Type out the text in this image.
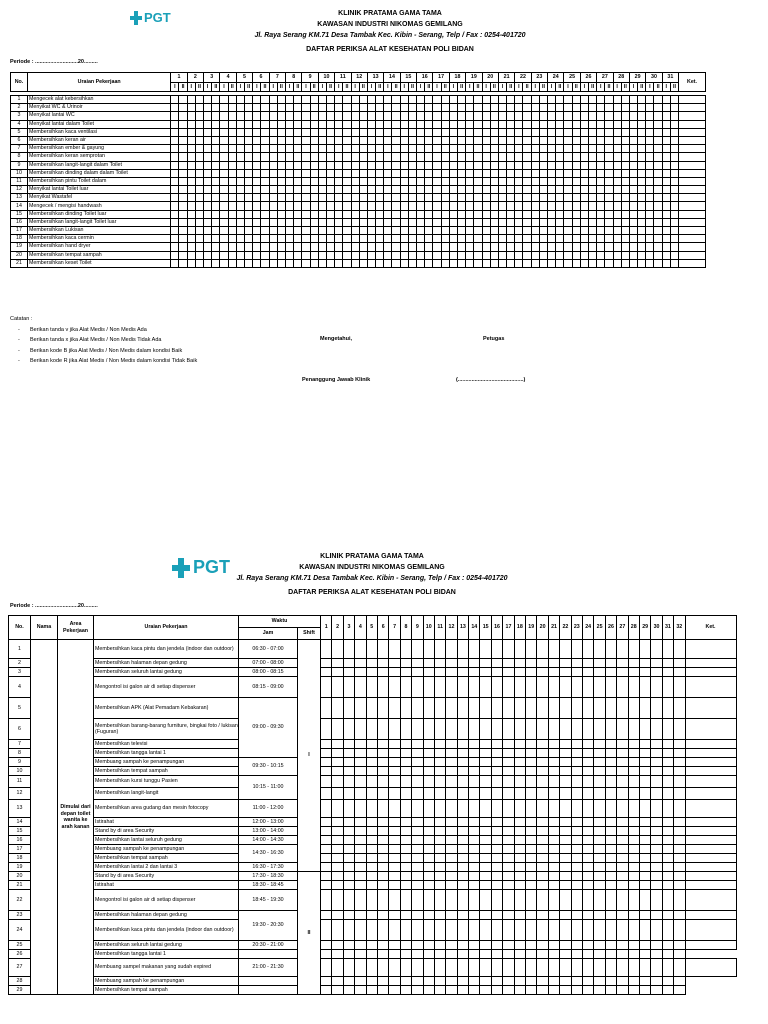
PGT	KLINIK PRATAMA GAMA TAMA
KAWASAN INDUSTRI NIKOMAS GEMILANG
Jl. Raya Serang KM.71 Desa Tambak Kec. Kibin - Serang, Telp / Fax : 0254-401720
DAFTAR PERIKSA ALAT KESEHATAN POLI BIDAN
Periode : ............................20.........
No.	Uraian Pekerjaan	1	2	3	4	5	6	7	8	9	10	11	12	13	14	15	16	17	18	19	20	21	22	23	24	25	26	27	28	29	30	31	Ket.
I	II	I	II	I	II	I	II	I	II	I	II	I	II	I	II	I	II	I	II	I	II	I	II	I	II	I	II	I	II	I	II	I	II	I	II	I	II	I	II	I	II	I	II	I	II	I	II	I	II	I	II	I	II	I	II	I	II	I	II	I	II

1	Mengecek alat kebersihkan																																																															
2	Menyikat WC & Urinoir																																																															
3	Menyikat lantai WC																																																															
4	Menyikat lantai dalam Toilet																																																															
5	Membersihkan kaca ventilasi																																																															
6	Membersihkan keran air																																																															
7	Membersihkan ember & gayung																																																															
8	Membersihkan keran semprotan																																																															
9	Membersihkan langit-langit dalam Toilet																																																															
10	Membersihkan dinding dalam dalam Toilet																																																															
11	Membersihkan pintu Toilet dalam																																																															
12	Menyikat lantai Toilet luar																																																															
13	Menyikat Wastafel																																																															
14	Mengecek / mengisi handwash																																																															
15	Membersihkan dinding Toilet luar																																																															
16	Membersihkan langit-langit Toilet luar																																																															
17	Membersihkan Lukisan																																																															
18	Membersihkan kaca cermin																																																															
19	Membersihkan hand dryer																																																															
20	Membersihkan tempat sampah																																																															
21	Membersihkan keset Toilet																																																															
Catatan :
- Berikan tanda v jika Alat Medis / Non Medis Ada
- Berikan tanda x jika Alat Medis / Non Medis Tidak Ada
- Berikan kode B jika Alat Medis / Non Medis dalam kondisi Baik
- Berikan kode R jika Alat Medis / Non Medis dalam kondisi Tidak Baik
Mengetahui,	Petugas
Penanggung Jawab Klinik	(...........................................)
PGT
KLINIK PRATAMA GAMA TAMA
KAWASAN INDUSTRI NIKOMAS GEMILANG
Jl. Raya Serang KM.71 Desa Tambak Kec. Kibin - Serang, Telp / Fax : 0254-401720
DAFTAR PERIKSA ALAT KESEHATAN POLI BIDAN
Periode : ............................20.........
No.	Nama	Area Pekerjaan	Uraian Pekerjaan	Waktu		1	2	3	4	5	6	7	8	9	10	11	12	13	14	15	16	17	18	19	20	21	22	23	24	25	26	27	28	29	30	31	32	Ket.
				Jam	Shift																																	
1		Dimulai dari depan toilet wanita ke arah kanan	Membersihkan kaca pintu dan jendela (indoor dan outdoor)	06:30 - 07:00	I																																	
2			Membersihkan halaman depan gedung	07:00 - 08:00																																		
3			Membersihkan seluruh lantai gedung	08:00 - 08:15																																		
4			Mengontrol isi galon air di setiap dispenser	08:15 - 09:00																																		
5			Membersihkan APK (Alat Pemadam Kebakaran)	09:00 - 09:30																																		
6			Membersihkan barang-barang furniture, bingkai foto / lukisan (Fuguran)																																			
7			Membersihkan televisi																																			
8			Membersihkan tangga lantai 1																																			
9			Membuang sampah ke penampungan	09:30 - 10:15																																		
10			Membersihkan tempat sampah																																			
11			Membersihkan kursi tunggu Pasien	10:15 - 11:00																																		
12			Membersihkan langit-langit																																			
13			Membersihkan area gudang dan mesin fotocopy	11:00 - 12:00																																		
14			Istirahat	12:00 - 13:00																																		
15			Stand by di area Security	13:00 - 14:00																																		
16			Membersihkan lantai seluruh gedung	14:00 - 14:30																																		
17			Membuang sampah ke penampungan	14:30 - 16:30																																		
18			Membersihkan tempat sampah																																			
19			Membersihkan lantai 2 dan lantai 3	16:30 - 17:30																																		
20			Stand by di area Security	17:30 - 18:30	II																																	
21			Istirahat	18:30 - 18:45																																		
22			Mengontrol isi galon air di setiap dispenser	18:45 - 19:30																																		
23			Membersihkan halaman depan gedung	19:30 - 20:30																																		
24			Membersihkan kaca pintu dan jendela (indoor dan outdoor)																																			
25			Membersihkan seluruh lantai gedung	20:30 - 21:00																																		
26			Membersihkan tangga lantai 1																																			
27			Membuang sampel makanan yang sudah expired	21:00 - 21:30																																		
28			Membuang sampah ke penampungan																																			
29			Membersihkan tempat sampah																																			
